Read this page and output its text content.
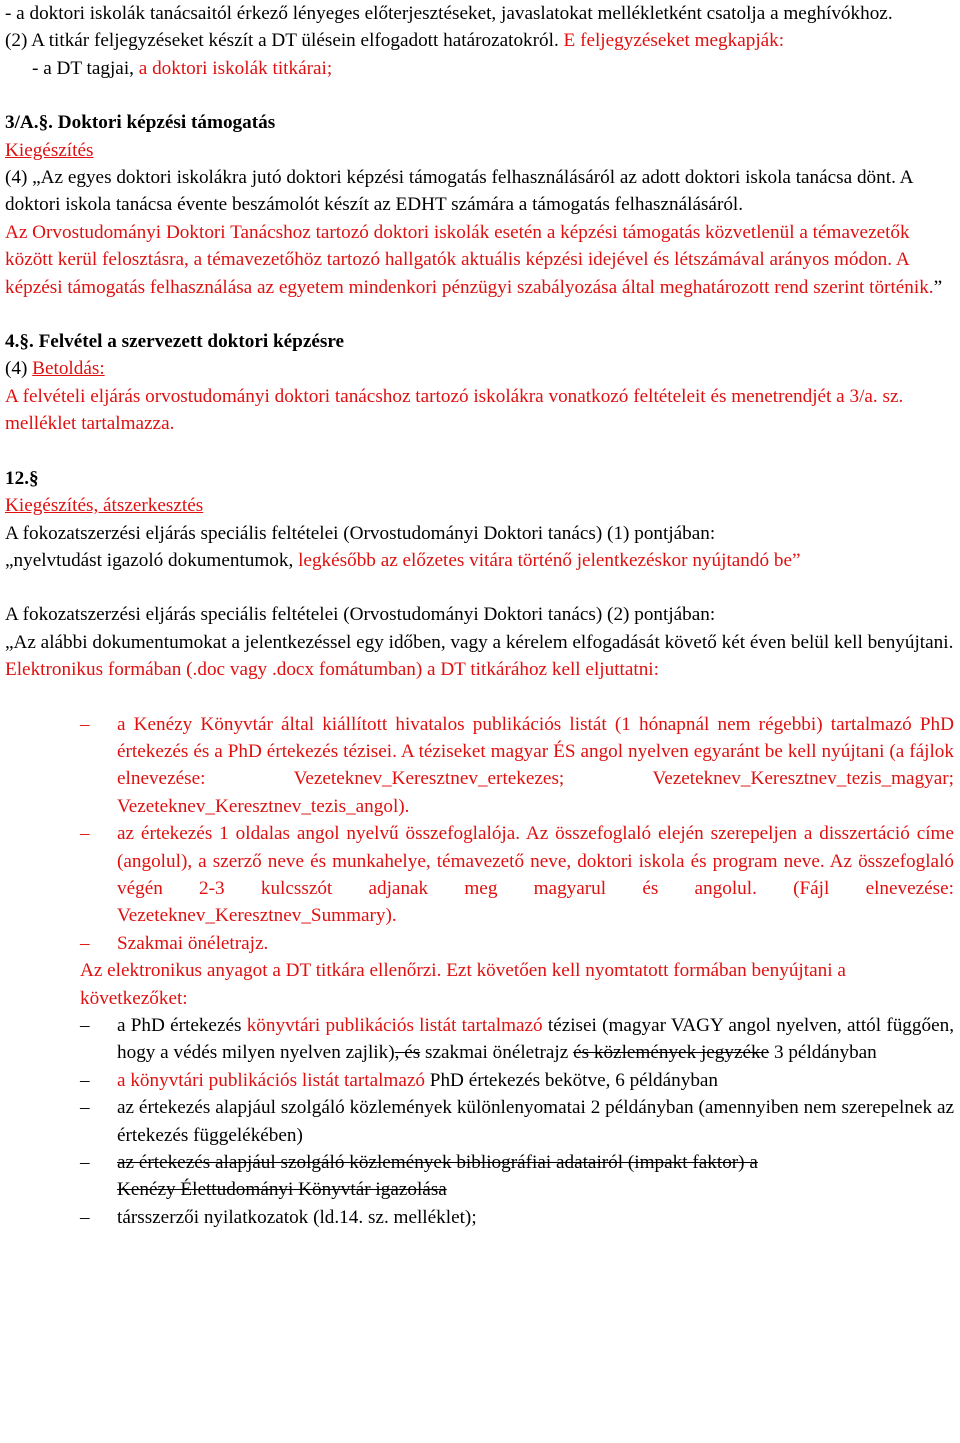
- a doktori iskolák tanácsaitól érkező lényeges előterjesztéseket, javaslatokat mellékletként csatolja a meghívókhoz.

(2) A titkár feljegyzéseket készít a DT ülésein elfogadott határozatokról. E feljegyzéseket megkapják:

- a DT tagjai, a doktori iskolák titkárai;

3/A.§. Doktori képzési támogatás

Kiegészítés

(4) „Az egyes doktori iskolákra jutó doktori képzési támogatás felhasználásáról az adott doktori iskola tanácsa dönt. A doktori iskola tanácsa évente beszámolót készít az EDHT számára a támogatás felhasználásáról.

Az Orvostudományi Doktori Tanácshoz tartozó doktori iskolák esetén a képzési támogatás közvetlenül a témavezetők között kerül felosztásra, a témavezetőhöz tartozó hallgatók aktuális képzési idejével és létszámával arányos módon. A képzési támogatás felhasználása az egyetem mindenkori pénzügyi szabályozása által meghatározott rend szerint történik.”

4.§. Felvétel a szervezett doktori képzésre

(4) Betoldás:

A felvételi eljárás orvostudományi doktori tanácshoz tartozó iskolákra vonatkozó feltételeit és menetrendjét a 3/a. sz. melléklet tartalmazza.

12.§

Kiegészítés, átszerkesztés

A fokozatszerzési eljárás speciális feltételei (Orvostudományi Doktori tanács) (1) pontjában:

„nyelvtudást igazoló dokumentumok, legkésőbb az előzetes vitára történő jelentkezéskor nyújtandó be”

A fokozatszerzési eljárás speciális feltételei (Orvostudományi Doktori tanács) (2) pontjában:

„Az alábbi dokumentumokat a jelentkezéssel egy időben, vagy a kérelem elfogadását követő két éven belül kell benyújtani.

Elektronikus formában (.doc vagy .docx fomátumban) a DT titkárához kell eljuttatni:

– a Kenézy Könyvtár által kiállított hivatalos publikációs listát (1 hónapnál nem régebbi) tartalmazó PhD értekezés és a PhD értekezés tézisei. A téziseket magyar ÉS angol nyelven egyaránt be kell nyújtani (a fájlok elnevezése: Vezeteknev_Keresztnev_ertekezes; Vezeteknev_Keresztnev_tezis_magyar; Vezeteknev_Keresztnev_tezis_angol).
– az értekezés 1 oldalas angol nyelvű összefoglalója. Az összefoglaló elején szerepeljen a disszertáció címe (angolul), a szerző neve és munkahelye, témavezető neve, doktori iskola és program neve. Az összefoglaló végén 2-3 kulcsszót adjanak meg magyarul és angolul. (Fájl elnevezése: Vezeteknev_Keresztnev_Summary).
– Szakmai önéletrajz.

Az elektronikus anyagot a DT titkára ellenőrzi. Ezt követően kell nyomtatott formában benyújtani a következőket:

– a PhD értekezés könyvtári publikációs listát tartalmazó tézisei (magyar VAGY angol nyelven, attól függően, hogy a védés milyen nyelven zajlik), és szakmai önéletrajz és közlemények jegyzéke 3 példányban
– a könyvtári publikációs listát tartalmazó PhD értekezés bekötve, 6 példányban
– az értekezés alapjául szolgáló közlemények különlenyomatai 2 példányban (amennyiben nem szerepelnek az értekezés függelékében)
– az értekezés alapjául szolgáló közlemények bibliográfiai adatairól (impakt faktor) a
Kenézy Élettudományi Könyvtár igazolása
– társszerzői nyilatkozatok (ld.14. sz. melléklet);
